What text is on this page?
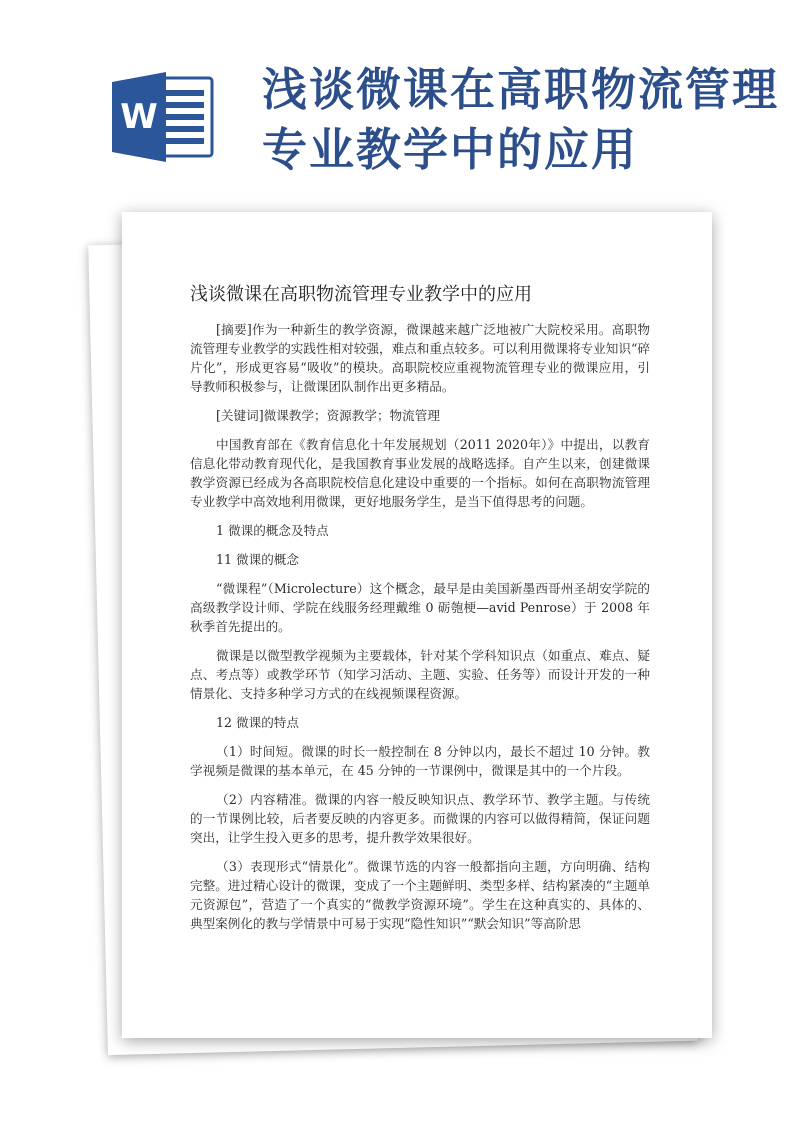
W
浅谈微课在高职物流管理专业教学中的应用
浅谈微课在高职物流管理专业教学中的应用

[摘要]作为一种新生的教学资源，微课越来越广泛地被广大院校采用。高职物流管理专业教学的实践性相对较强，难点和重点较多。可以利用微课将专业知识“碎片化”，形成更容易“吸收”的模块。高职院校应重视物流管理专业的微课应用，引导教师积极参与，让微课团队制作出更多精品。

[关键词]微课教学；资源教学；物流管理

中国教育部在《教育信息化十年发展规划（2011 2020年）》中提出，以教育信息化带动教育现代化，是我国教育事业发展的战略选择。自产生以来，创建微课教学资源已经成为各高职院校信息化建设中重要的一个指标。如何在高职物流管理专业教学中高效地利用微课，更好地服务学生，是当下值得思考的问题。

1 微课的概念及特点

11 微课的概念

“微课程”（Microlecture）这个概念，最早是由美国新墨西哥州圣胡安学院的高级教学设计师、学院在线服务经理戴维 0 砺匏梗—avid Penrose）于 2008 年秋季首先提出的。

微课是以微型教学视频为主要载体，针对某个学科知识点（如重点、难点、疑点、考点等）或教学环节（知学习活动、主题、实验、任务等）而设计开发的一种情景化、支持多种学习方式的在线视频课程资源。

12 微课的特点

（1）时间短。微课的时长一般控制在 8 分钟以内，最长不超过 10 分钟。教学视频是微课的基本单元，在 45 分钟的一节课例中，微课是其中的一个片段。

（2）内容精准。微课的内容一般反映知识点、教学环节、教学主题。与传统的一节课例比较，后者要反映的内容更多。而微课的内容可以做得精简，保证问题突出，让学生投入更多的思考，提升教学效果很好。

（3）表现形式“情景化”。微课节选的内容一般都指向主题，方向明确、结构完整。进过精心设计的微课，变成了一个主题鲜明、类型多样、结构紧凑的“主题单元资源包”，营造了一个真实的“微教学资源环境”。学生在这种真实的、具体的、典型案例化的教与学情景中可易于实现“隐性知识”“默会知识”等高阶思
